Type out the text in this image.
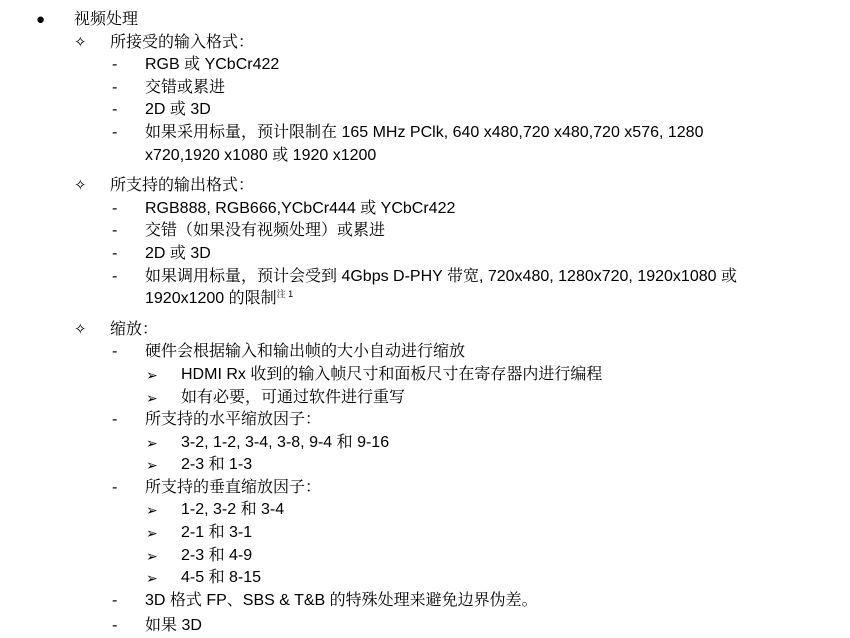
● 视频处理
✧ 所接受的输入格式：
- RGB 或 YCbCr422
- 交错或累进
- 2D 或 3D
- 如果采用标量，预计限制在 165 MHz PClk, 640 x480,720 x480,720 x576, 1280
x720,1920 x1080 或 1920 x1200
✧ 所支持的输出格式：
- RGB888, RGB666,YCbCr444 或 YCbCr422
- 交错（如果没有视频处理）或累进
- 2D 或 3D
- 如果调用标量，预计会受到 4Gbps D-PHY 带宽, 720x480, 1280x720, 1920x1080 或
1920x1200 的限制$^{注 1}$
✧ 缩放：
- 硬件会根据输入和输出帧的大小自动进行缩放
➢ HDMI Rx 收到的输入帧尺寸和面板尺寸在寄存器内进行编程
➢ 如有必要，可通过软件进行重写
- 所支持的水平缩放因子：
➢ 3-2, 1-2, 3-4, 3-8, 9-4 和 9-16
➢ 2-3 和 1-3
- 所支持的垂直缩放因子：
➢ 1-2, 3-2 和 3-4
➢ 2-1 和 3-1
➢ 2-3 和 4-9
➢ 4-5 和 8-15
- 3D 格式 FP、SBS & T&B 的特殊处理来避免边界伪差。
- 如果 3D
